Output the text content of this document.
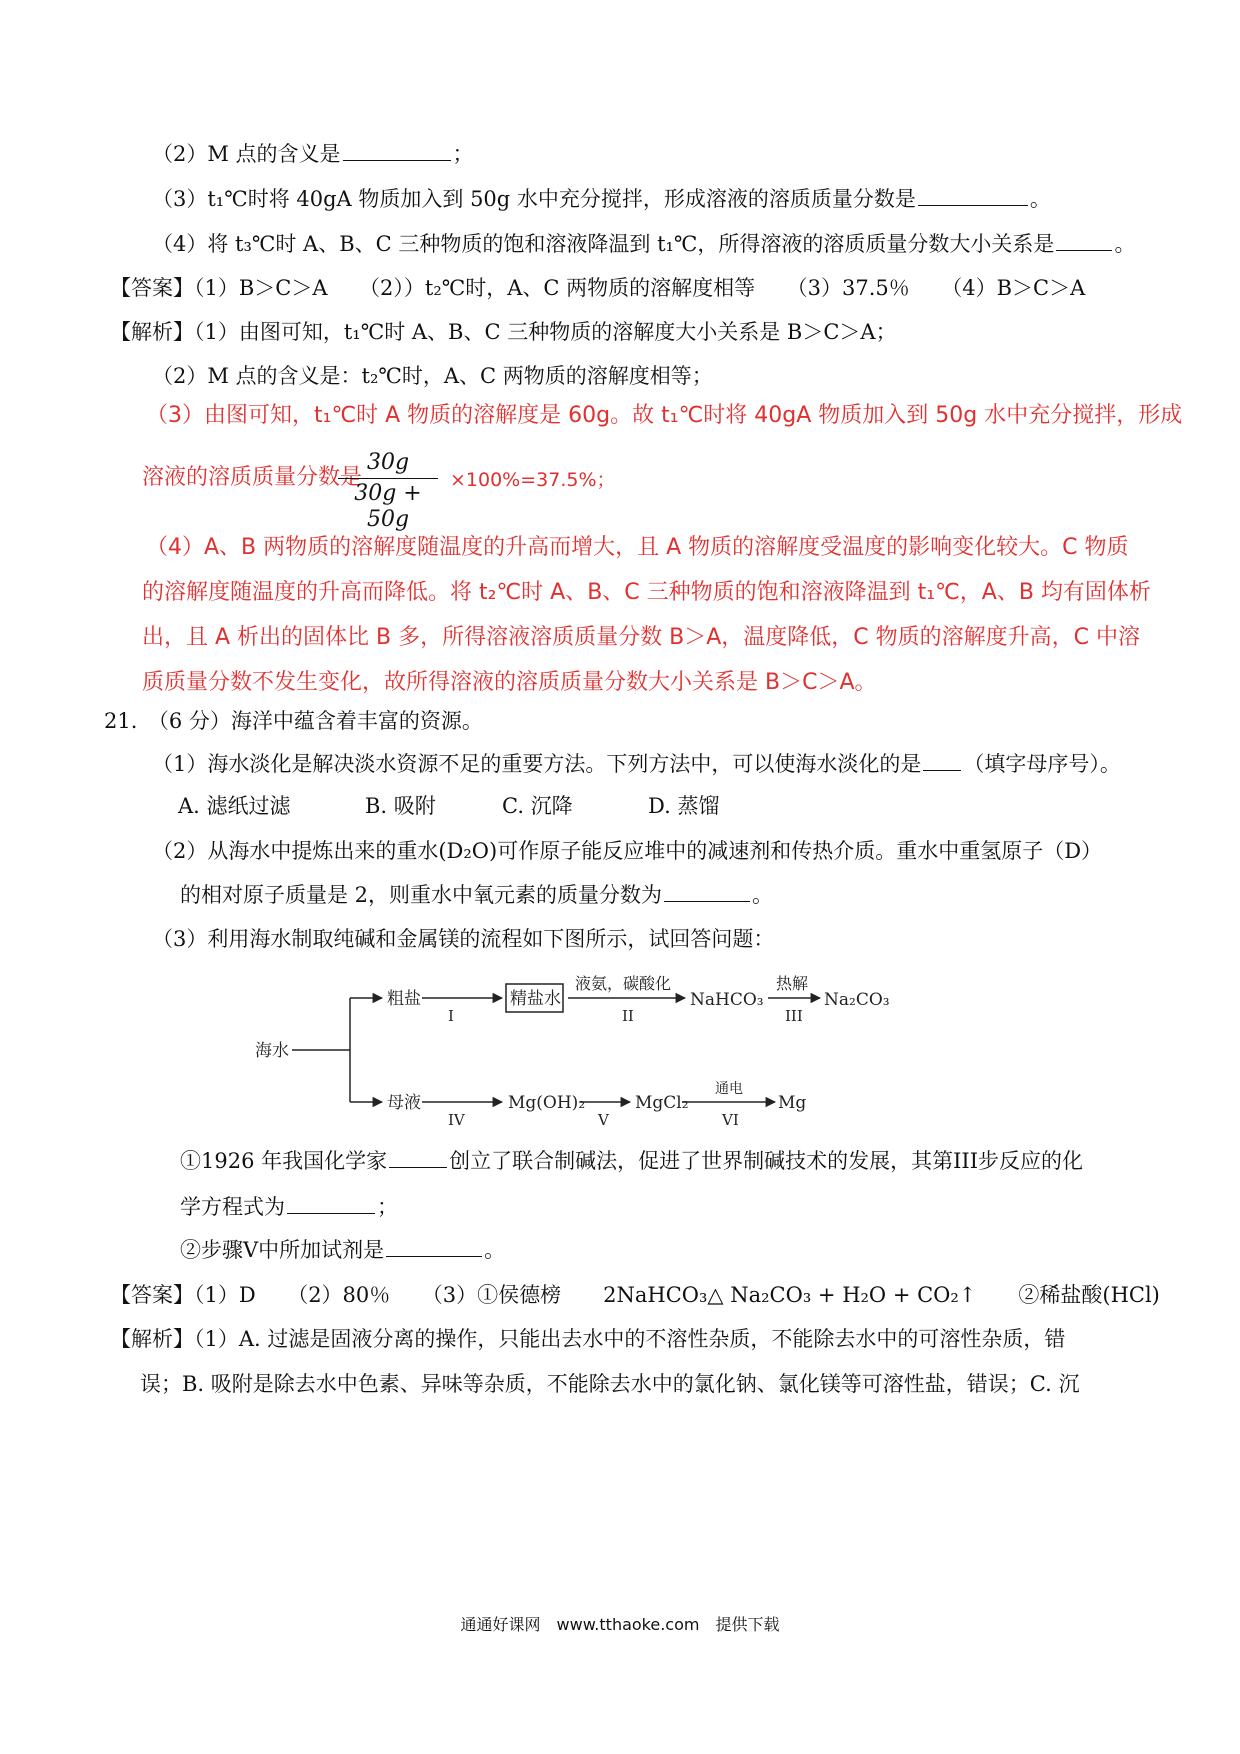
（2）M 点的含义是	；
（3）t₁℃时将 40gA 物质加入到 50g 水中充分搅拌，形成溶液的溶质质量分数是	。
（4）将 t₃℃时 A、B、C 三种物质的饱和溶液降温到 t₁℃，所得溶液的溶质质量分数大小关系是	。
【答案】（1）B＞C＞A　　（2））t₂℃时，A、C 两物质的溶解度相等　　（3）37.5％　　（4）B＞C＞A
【解析】（1）由图可知，t₁℃时 A、B、C 三种物质的溶解度大小关系是 B＞C＞A；
（2）M 点的含义是：t₂℃时，A、C 两物质的溶解度相等；
（3）由图可知，t₁℃时 A 物质的溶解度是 60g。故 t₁℃时将 40gA 物质加入到 50g 水中充分搅拌，形成
溶液的溶质质量分数是
30g
30g + 50g
×100%=37.5%；
（4）A、B 两物质的溶解度随温度的升高而增大，且 A 物质的溶解度受温度的影响变化较大。C 物质
的溶解度随温度的升高而降低。将 t₂℃时 A、B、C 三种物质的饱和溶液降温到 t₁℃，A、B 均有固体析
出，且 A 析出的固体比 B 多，所得溶液溶质质量分数 B＞A，温度降低，C 物质的溶解度升高，C 中溶
质质量分数不发生变化，故所得溶液的溶质质量分数大小关系是 B＞C＞A。
21.　（6 分）海洋中蕴含着丰富的资源。
（1）海水淡化是解决淡水资源不足的重要方法。下列方法中，可以使海水淡化的是 （填字母序号）。
A. 滤纸过滤	B. 吸附	C. 沉降	D. 蒸馏
（2）从海水中提炼出来的重水(D₂O)可作原子能反应堆中的减速剂和传热介质。重水中重氢原子（D）
的相对原子质量是 2，则重水中氧元素的质量分数为	。
（3）利用海水制取纯碱和金属镁的流程如下图所示，试回答问题：
海水
粗盐
I
精盐水
液氨，碳酸化
II
NaHCO₃
热解
III
Na₂CO₃
母液
IV
Mg(OH)₂
V
MgCl₂
通电
VI
Mg
①1926 年我国化学家	创立了联合制碱法，促进了世界制碱技术的发展，其第III步反应的化
学方程式为	；
②步骤Ⅴ中所加试剂是	。
【答案】（1）D　　（2）80％　　（3）①侯德榜　　2NaHCO₃△ Na₂CO₃ + H₂O + CO₂↑　　②稀盐酸(HCl)
【解析】（1）A. 过滤是固液分离的操作，只能出去水中的不溶性杂质，不能除去水中的可溶性杂质，错
误；B. 吸附是除去水中色素、异味等杂质，不能除去水中的氯化钠、氯化镁等可溶性盐，错误；C. 沉
通通好课网　www.tthaoke.com　提供下载
